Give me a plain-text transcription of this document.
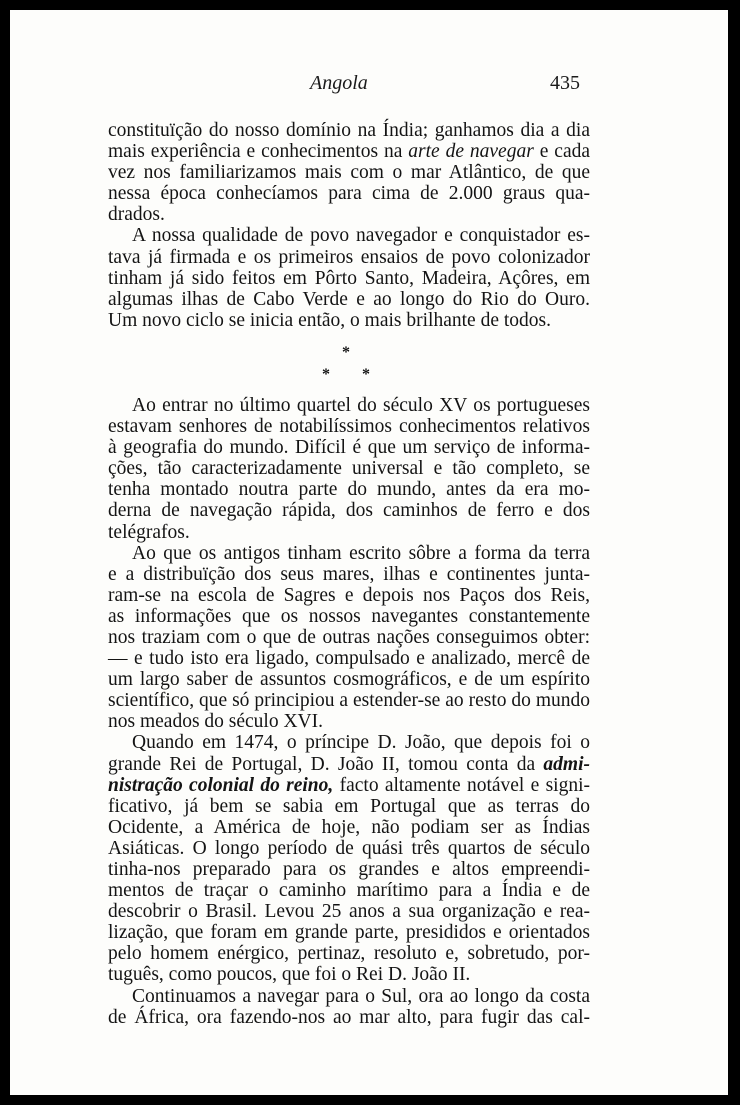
Angola	435
constituïção do nosso domínio na Índia; ganhamos dia a dia
mais experiência e conhecimentos na arte de navegar e cada
vez nos familiarizamos mais com o mar Atlântico, de que
nessa época conhecíamos para cima de 2.000 graus qua-
drados.
A nossa qualidade de povo navegador e conquistador es-
tava já firmada e os primeiros ensaios de povo colonizador
tinham já sido feitos em Pôrto Santo, Madeira, Açôres, em
algumas ilhas de Cabo Verde e ao longo do Rio do Ouro.
Um novo ciclo se inicia então, o mais brilhante de todos.
*
* *
Ao entrar no último quartel do século XV os portugueses
estavam senhores de notabilíssimos conhecimentos relativos
à geografia do mundo. Difícil é que um serviço de informa-
ções, tão caracterizadamente universal e tão completo, se
tenha montado noutra parte do mundo, antes da era mo-
derna de navegação rápida, dos caminhos de ferro e dos
telégrafos.
Ao que os antigos tinham escrito sôbre a forma da terra
e a distribuïção dos seus mares, ilhas e continentes junta-
ram-se na escola de Sagres e depois nos Paços dos Reis,
as informações que os nossos navegantes constantemente
nos traziam com o que de outras nações conseguimos obter:
— e tudo isto era ligado, compulsado e analizado, mercê de
um largo saber de assuntos cosmográficos, e de um espírito
scientífico, que só principiou a estender-se ao resto do mundo
nos meados do século XVI.
Quando em 1474, o príncipe D. João, que depois foi o
grande Rei de Portugal, D. João II, tomou conta da admi-
nistração colonial do reino, facto altamente notável e signi-
ficativo, já bem se sabia em Portugal que as terras do
Ocidente, a América de hoje, não podiam ser as Índias
Asiáticas. O longo período de quási três quartos de século
tinha-nos preparado para os grandes e altos empreendi-
mentos de traçar o caminho marítimo para a Índia e de
descobrir o Brasil. Levou 25 anos a sua organização e rea-
lização, que foram em grande parte, presididos e orientados
pelo homem enérgico, pertinaz, resoluto e, sobretudo, por-
tuguês, como poucos, que foi o Rei D. João II.
Continuamos a navegar para o Sul, ora ao longo da costa
de África, ora fazendo-nos ao mar alto, para fugir das cal-
